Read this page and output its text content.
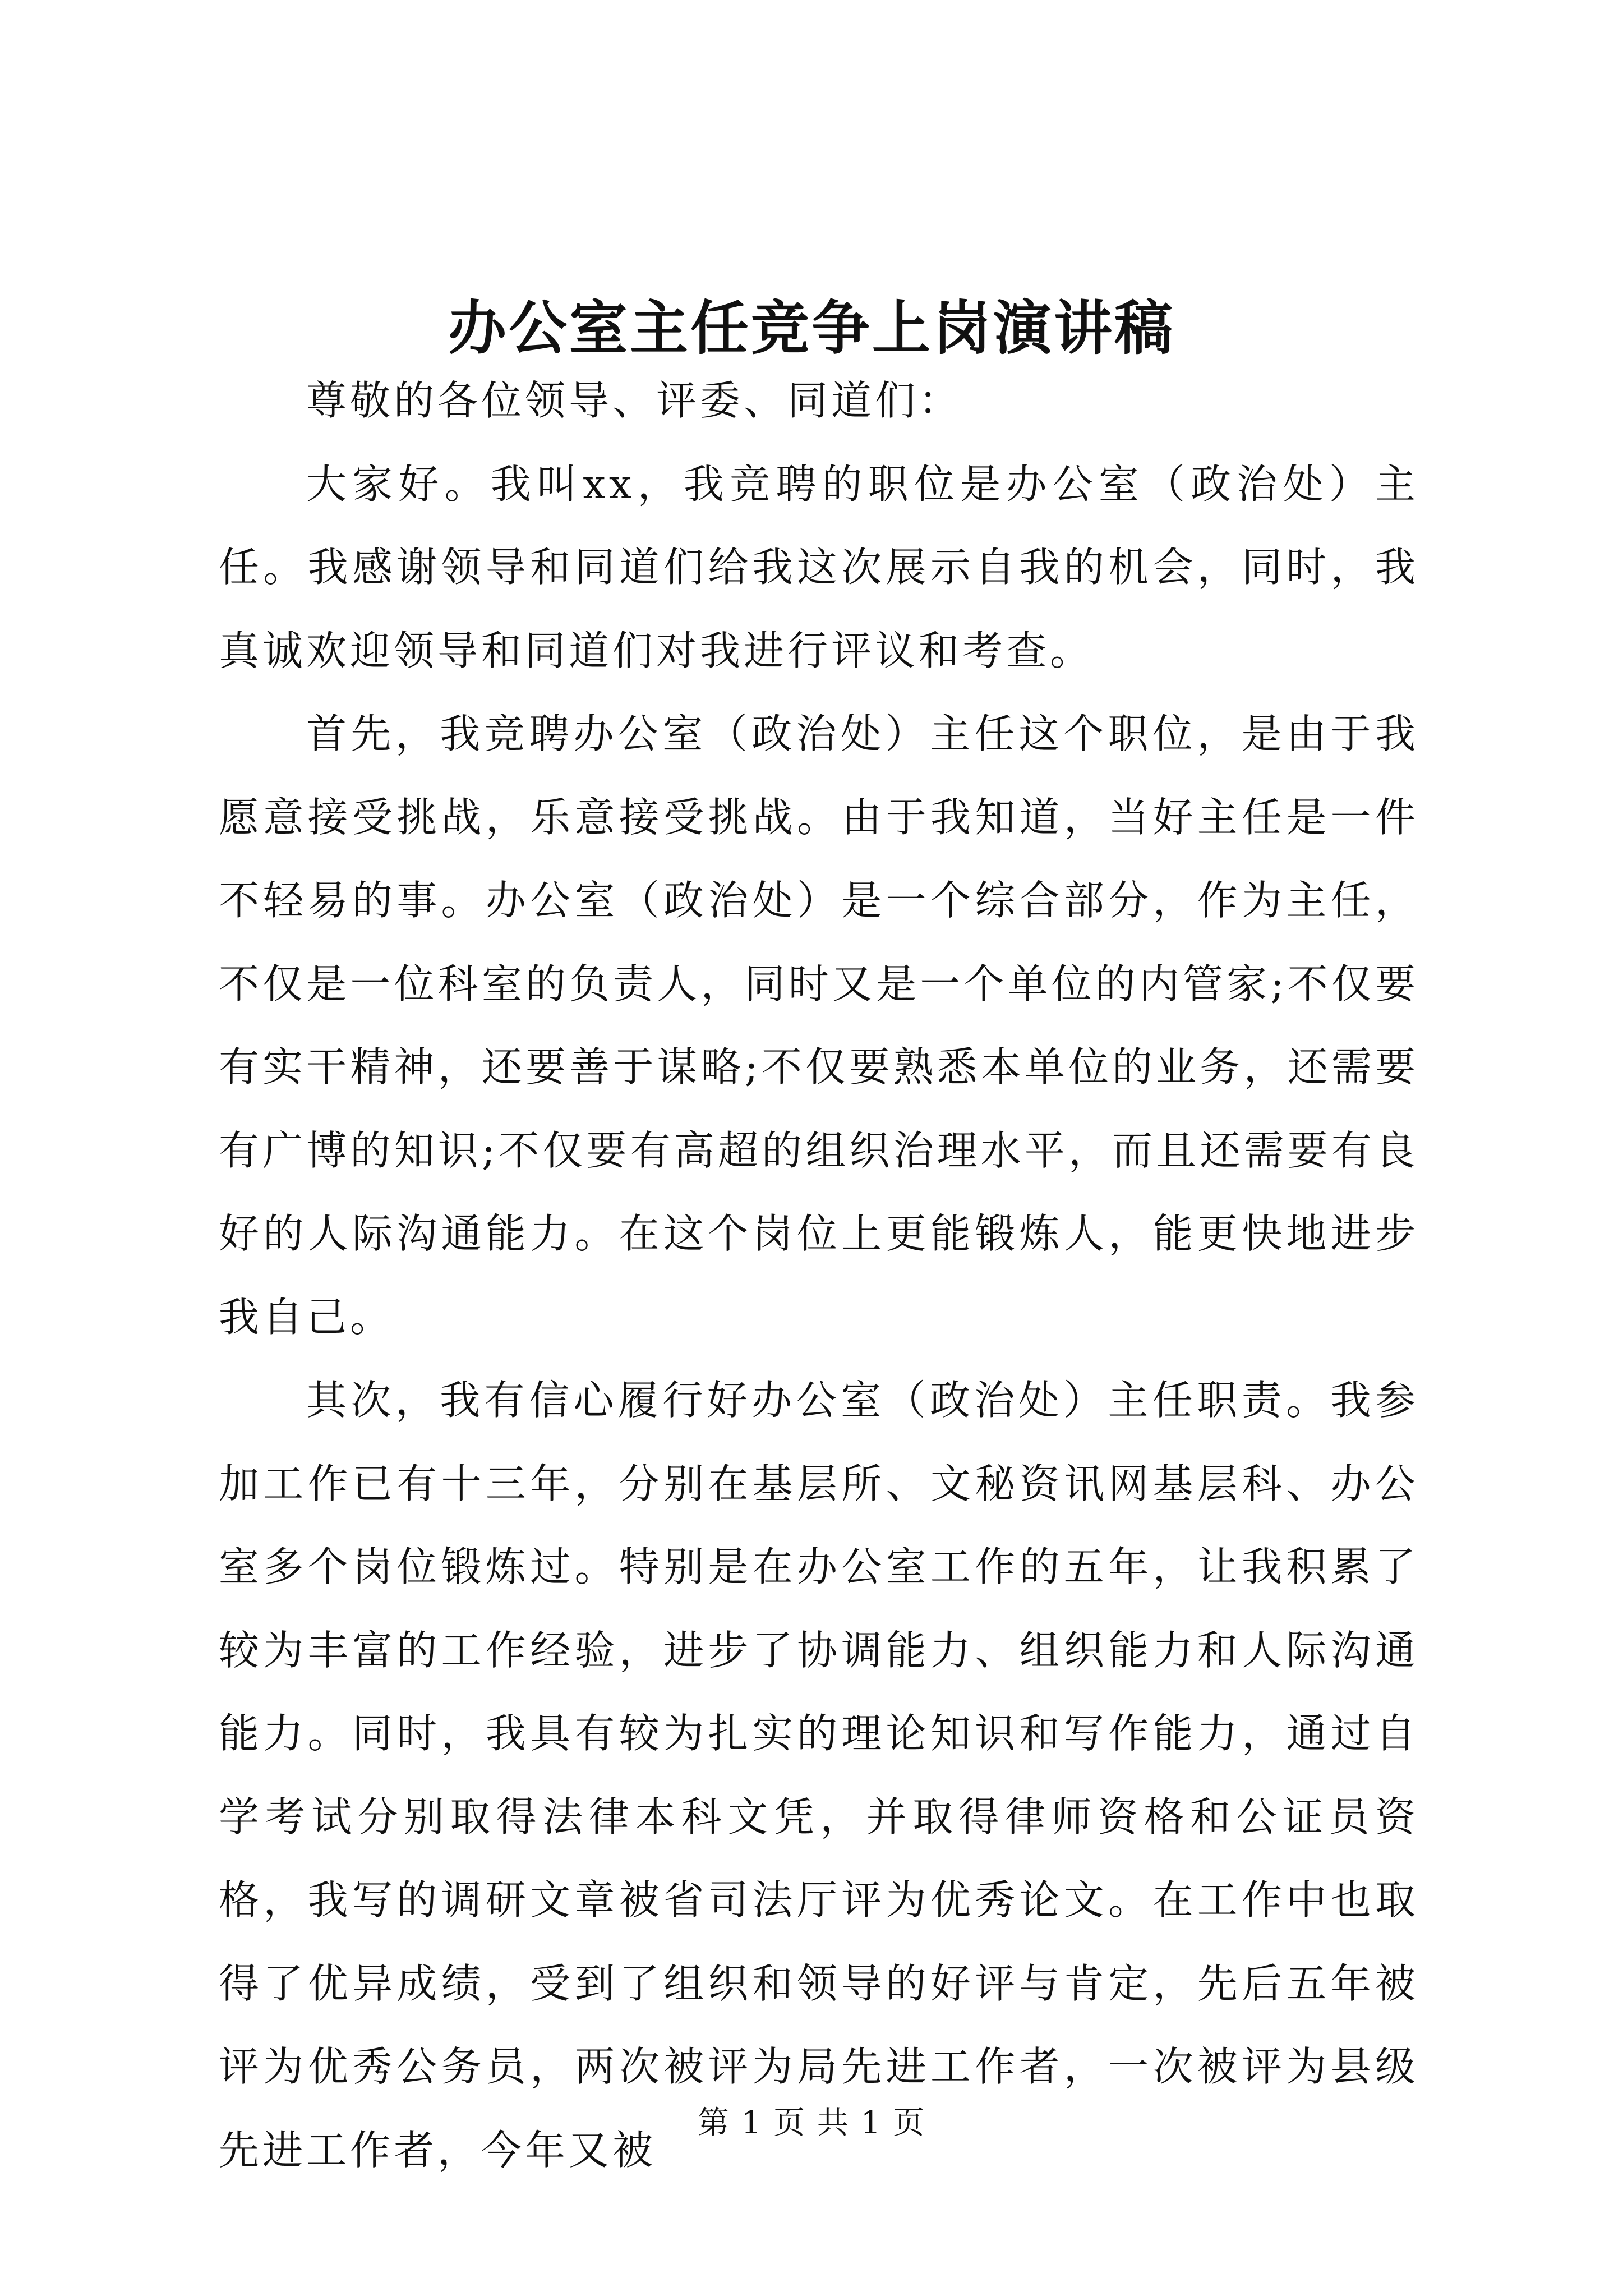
办公室主任竞争上岗演讲稿

尊敬的各位领导、评委、同道们：

大家好。我叫xx，我竞聘的职位是办公室（政治处）主任。我感谢领导和同道们给我这次展示自我的机会，同时，我真诚欢迎领导和同道们对我进行评议和考查。

首先，我竞聘办公室（政治处）主任这个职位，是由于我愿意接受挑战，乐意接受挑战。由于我知道，当好主任是一件不轻易的事。办公室（政治处）是一个综合部分，作为主任，不仅是一位科室的负责人，同时又是一个单位的内管家;不仅要有实干精神，还要善于谋略;不仅要熟悉本单位的业务，还需要有广博的知识;不仅要有高超的组织治理水平，而且还需要有良好的人际沟通能力。在这个岗位上更能锻炼人，能更快地进步我自己。

其次，我有信心履行好办公室（政治处）主任职责。我参加工作已有十三年，分别在基层所、文秘资讯网基层科、办公室多个岗位锻炼过。特别是在办公室工作的五年，让我积累了较为丰富的工作经验，进步了协调能力、组织能力和人际沟通能力。同时，我具有较为扎实的理论知识和写作能力，通过自学考试分别取得法律本科文凭，并取得律师资格和公证员资格，我写的调研文章被省司法厅评为优秀论文。在工作中也取得了优异成绩，受到了组织和领导的好评与肯定，先后五年被评为优秀公务员，两次被评为局先进工作者，一次被评为县级先进工作者，今年又被

第 1 页 共 1 页
